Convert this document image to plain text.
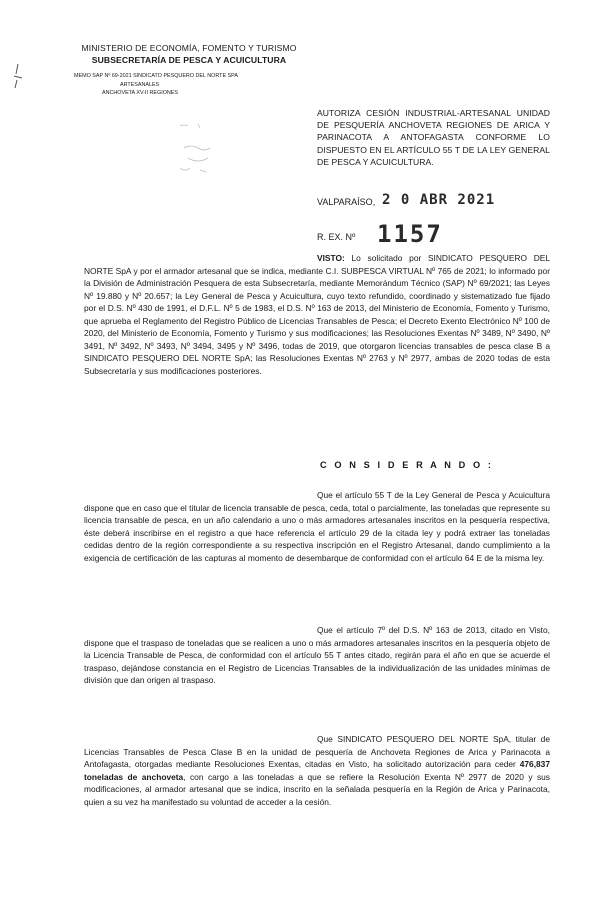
MINISTERIO DE ECONOMÍA, FOMENTO Y TURISMO
SUBSECRETARÍA DE PESCA Y ACUICULTURA
MEMO SAP Nº 69-2021 SINDICATO PESQUERO DEL NORTE SPA
ARTESANALES
ANCHOVETA XV-II REGIONES
AUTORIZA CESIÓN INDUSTRIAL-ARTESANAL UNIDAD DE PESQUERÍA ANCHOVETA REGIONES DE ARICA Y PARINACOTA A ANTOFAGASTA CONFORME LO DISPUESTO EN EL ARTÍCULO 55 T DE LA LEY GENERAL DE PESCA Y ACUICULTURA.
VALPARAÍSO, 2 0 ABR 2021
R. EX. Nº 1157
VISTO: Lo solicitado por SINDICATO PESQUERO DEL NORTE SpA y por el armador artesanal que se indica, mediante C.I. SUBPESCA VIRTUAL Nº 765 de 2021; lo informado por la División de Administración Pesquera de esta Subsecretaría, mediante Memorándum Técnico (SAP) Nº 69/2021; las Leyes Nº 19.880 y Nº 20.657; la Ley General de Pesca y Acuicultura, cuyo texto refundido, coordinado y sistematizado fue fijado por el D.S. Nº 430 de 1991, el D.F.L. Nº 5 de 1983, el D.S. Nº 163 de 2013, del Ministerio de Economía, Fomento y Turismo, que aprueba el Reglamento del Registro Público de Licencias Transables de Pesca; el Decreto Exento Electrónico Nº 100 de 2020, del Ministerio de Economía, Fomento y Turismo y sus modificaciones; las Resoluciones Exentas Nº 3489, Nº 3490, Nº 3491, Nº 3492, Nº 3493, Nº 3494, 3495 y Nº 3496, todas de 2019, que otorgaron licencias transables de pesca clase B a SINDICATO PESQUERO DEL NORTE SpA; las Resoluciones Exentas Nº 2763 y Nº 2977, ambas de 2020 todas de esta Subsecretaría y sus modificaciones posteriores.
C O N S I D E R A N D O :
Que el artículo 55 T de la Ley General de Pesca y Acuicultura dispone que en caso que el titular de licencia transable de pesca, ceda, total o parcialmente, las toneladas que represente su licencia transable de pesca, en un año calendario a uno o más armadores artesanales inscritos en la pesquería respectiva, éste deberá inscribirse en el registro a que hace referencia el artículo 29 de la citada ley y podrá extraer las toneladas cedidas dentro de la región correspondiente a su respectiva inscripción en el Registro Artesanal, dando cumplimiento a la exigencia de certificación de las capturas al momento de desembarque de conformidad con el artículo 64 E de la misma ley.
Que el artículo 7º del D.S. Nº 163 de 2013, citado en Visto, dispone que el traspaso de toneladas que se realicen a uno o más armadores artesanales inscritos en la pesquería objeto de la Licencia Transable de Pesca, de conformidad con el artículo 55 T antes citado, regirán para el año en que se acuerde el traspaso, dejándose constancia en el Registro de Licencias Transables de la individualización de las unidades mínimas de división que dan origen al traspaso.
Que SINDICATO PESQUERO DEL NORTE SpA, titular de Licencias Transables de Pesca Clase B en la unidad de pesquería de Anchoveta Regiones de Arica y Parinacota a Antofagasta, otorgadas mediante Resoluciones Exentas, citadas en Visto, ha solicitado autorización para ceder 476,837 toneladas de anchoveta, con cargo a las toneladas a que se refiere la Resolución Exenta Nº 2977 de 2020 y sus modificaciones, al armador artesanal que se indica, inscrito en la señalada pesquería en la Región de Arica y Parinacota, quien a su vez ha manifestado su voluntad de acceder a la cesión.
